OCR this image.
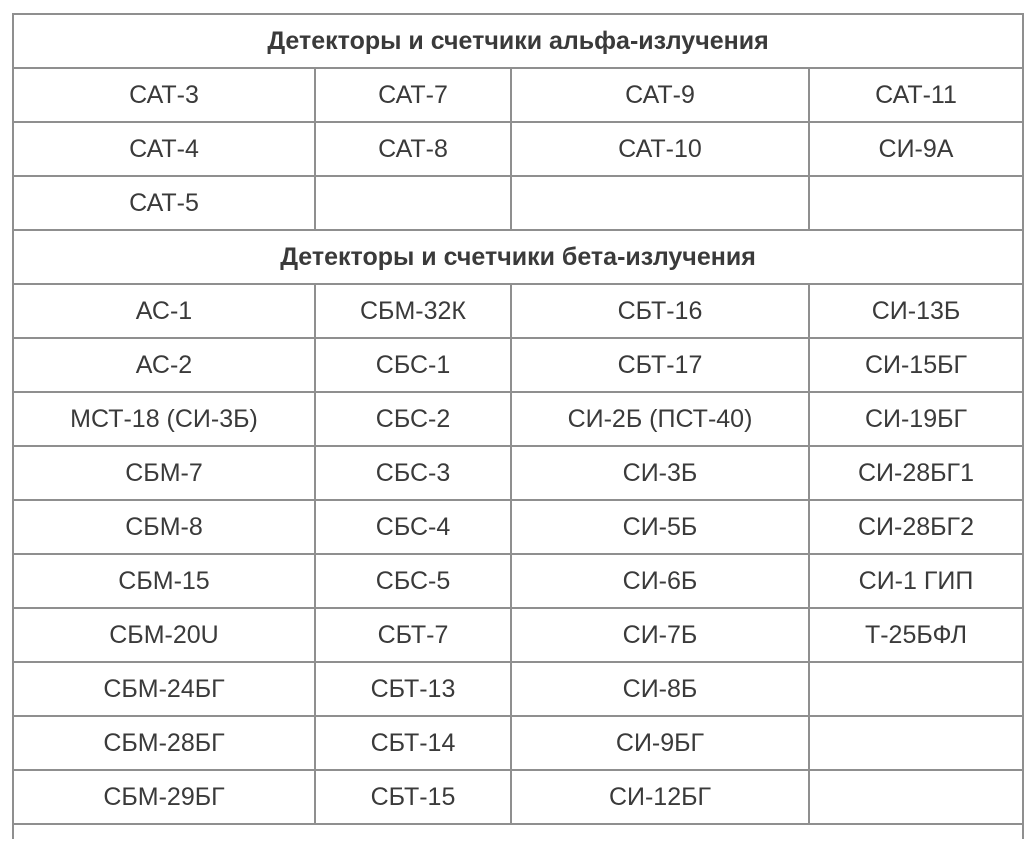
Детекторы и счетчики альфа-излучения			
САТ-3	САТ-7	САТ-9	САТ-11
САТ-4	САТ-8	САТ-10	СИ-9А
САТ-5			
Детекторы и счетчики бета-излучения			
АС-1	СБМ-32К	СБТ-16	СИ-13Б
АС-2	СБС-1	СБТ-17	СИ-15БГ
МСТ-18 (СИ-3Б)	СБС-2	СИ-2Б (ПСТ-40)	СИ-19БГ
СБМ-7	СБС-3	СИ-3Б	СИ-28БГ1
СБМ-8	СБС-4	СИ-5Б	СИ-28БГ2
СБМ-15	СБС-5	СИ-6Б	СИ-1 ГИП
СБМ-20U	СБТ-7	СИ-7Б	Т-25БФЛ
СБМ-24БГ	СБТ-13	СИ-8Б	
СБМ-28БГ	СБТ-14	СИ-9БГ	
СБМ-29БГ	СБТ-15	СИ-12БГ	
